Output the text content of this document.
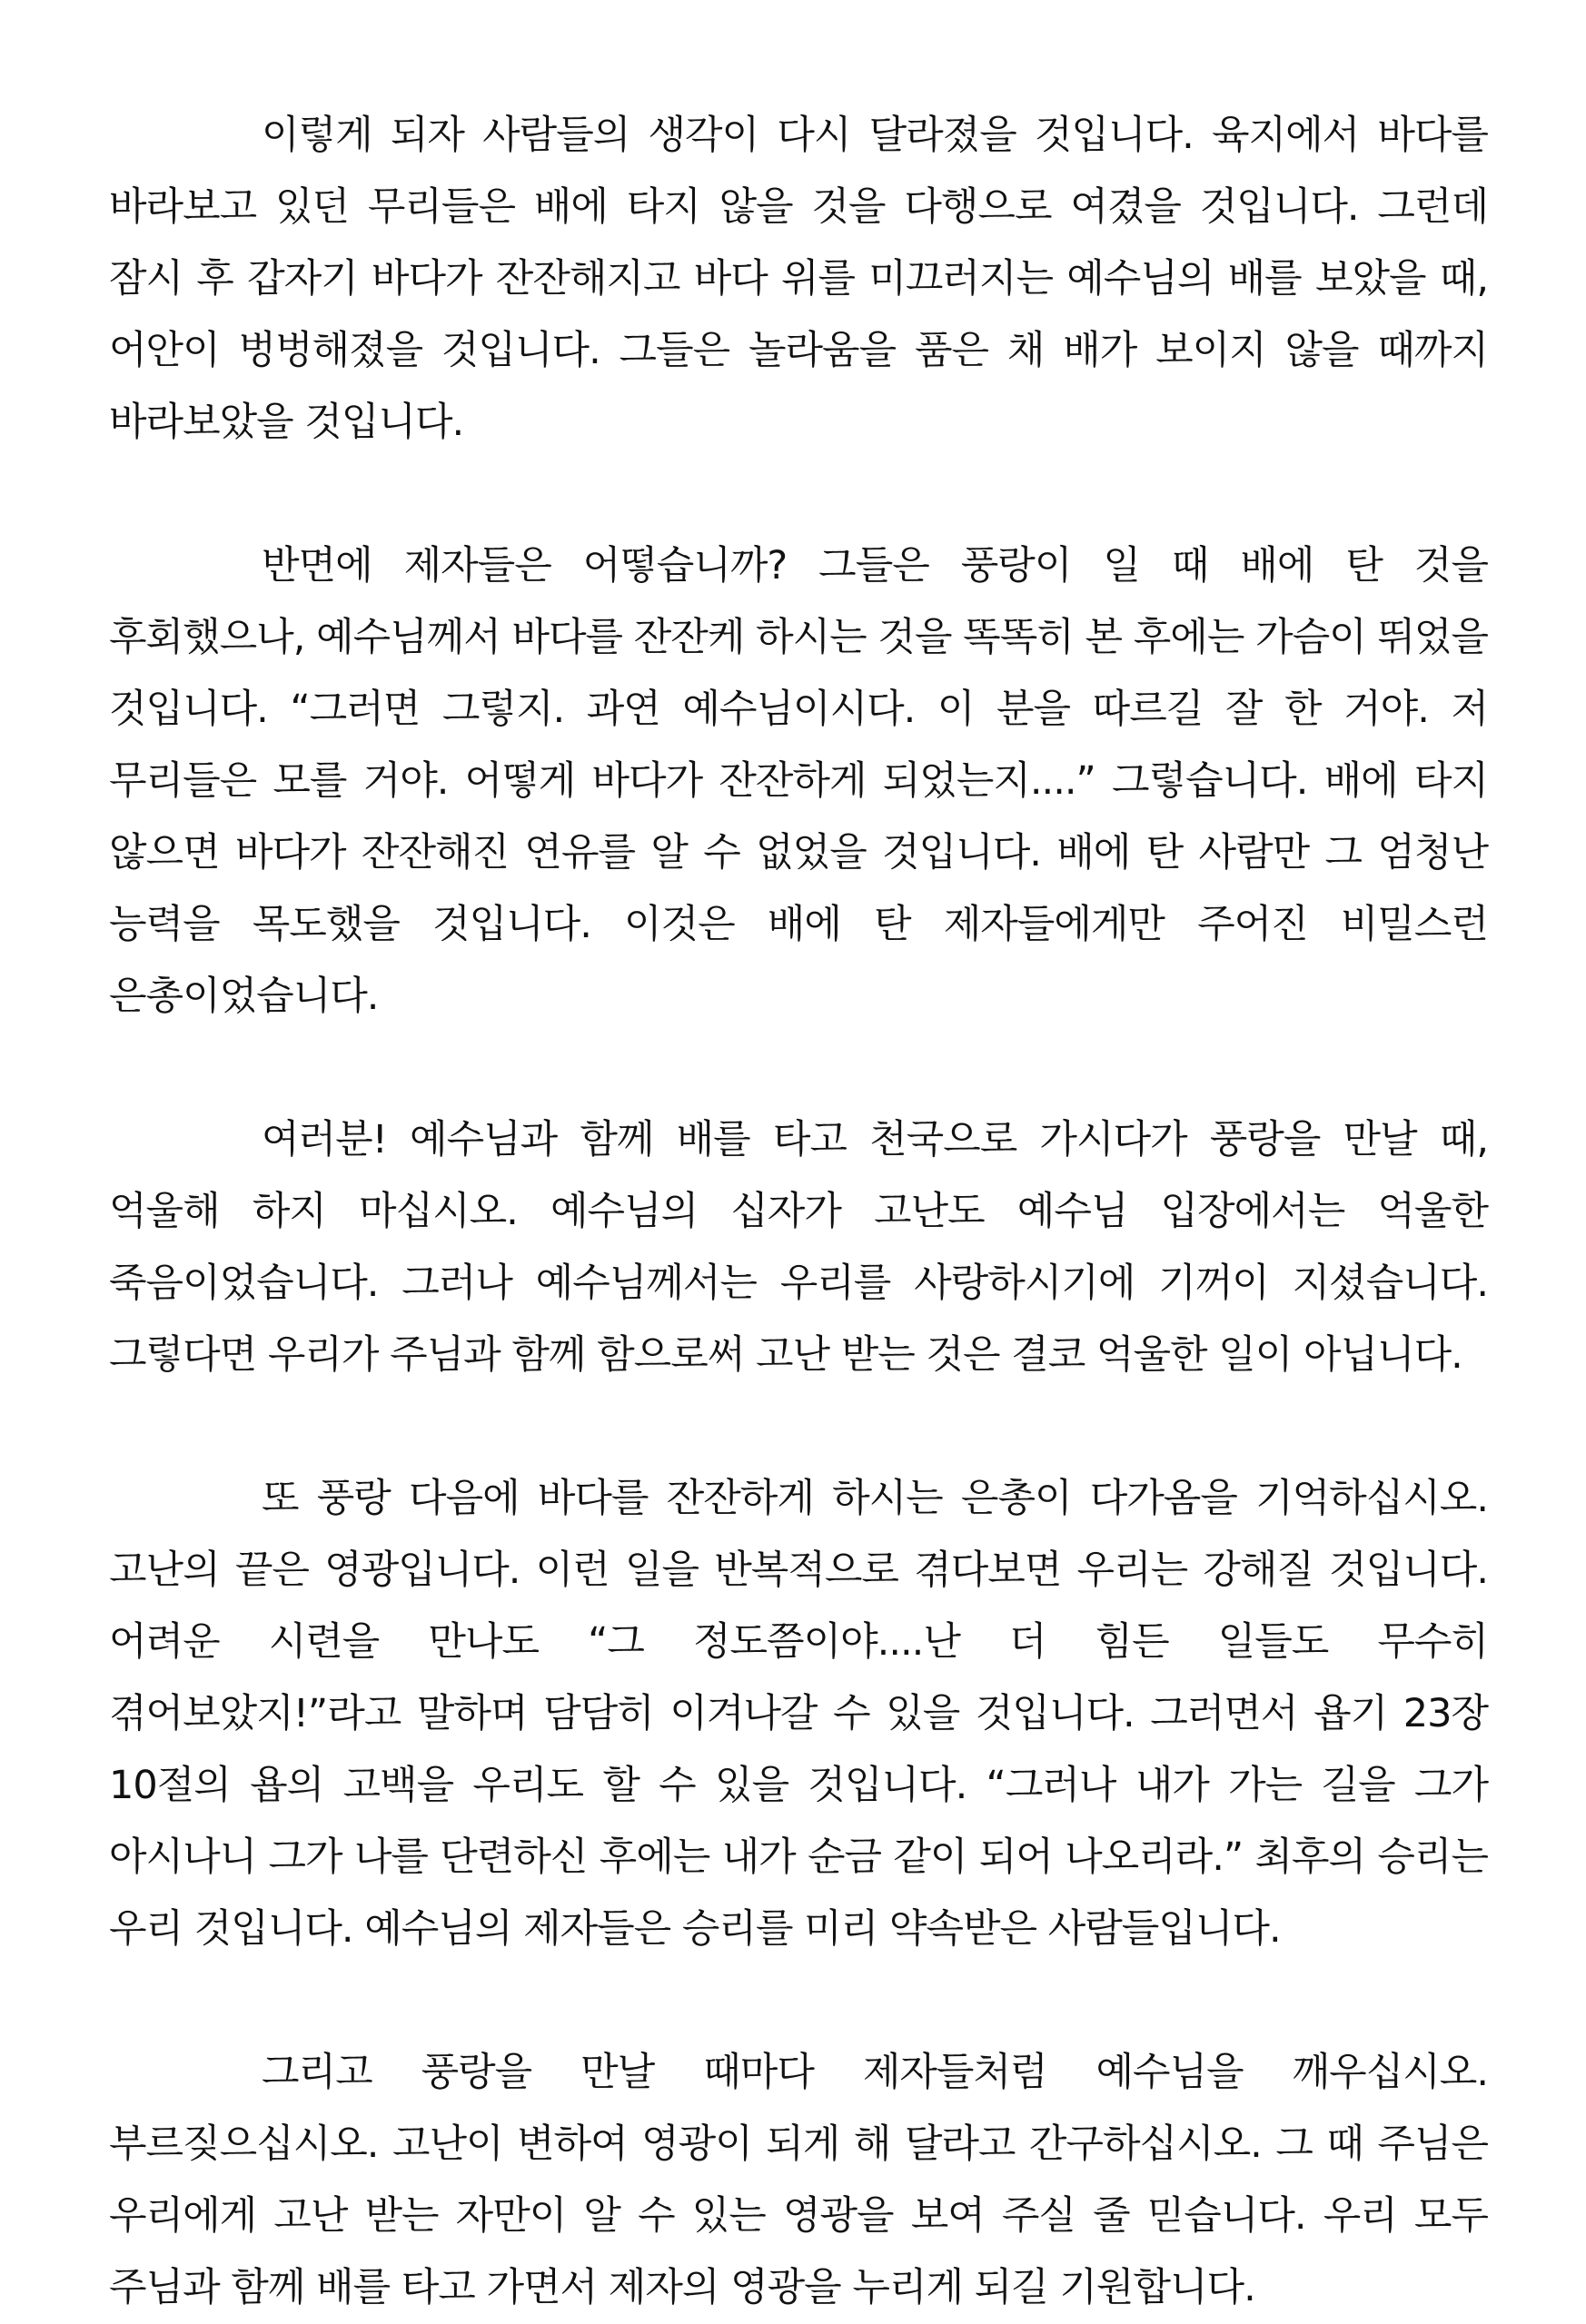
이렇게 되자 사람들의 생각이 다시 달라졌을 것입니다. 육지에서 바다를 바라보고 있던 무리들은 배에 타지 않을 것을 다행으로 여겼을 것입니다. 그런데 잠시 후 갑자기 바다가 잔잔해지고 바다 위를 미끄러지는 예수님의 배를 보았을 때, 어안이 벙벙해졌을 것입니다. 그들은 놀라움을 품은 채 배가 보이지 않을 때까지 바라보았을 것입니다.

반면에 제자들은 어떻습니까? 그들은 풍랑이 일 때 배에 탄 것을 후회했으나, 예수님께서 바다를 잔잔케 하시는 것을 똑똑히 본 후에는 가슴이 뛰었을 것입니다. “그러면 그렇지. 과연 예수님이시다. 이 분을 따르길 잘 한 거야. 저 무리들은 모를 거야. 어떻게 바다가 잔잔하게 되었는지....” 그렇습니다. 배에 타지 않으면 바다가 잔잔해진 연유를 알 수 없었을 것입니다. 배에 탄 사람만 그 엄청난 능력을 목도했을 것입니다. 이것은 배에 탄 제자들에게만 주어진 비밀스런 은총이었습니다.

여러분! 예수님과 함께 배를 타고 천국으로 가시다가 풍랑을 만날 때, 억울해 하지 마십시오. 예수님의 십자가 고난도 예수님 입장에서는 억울한 죽음이었습니다. 그러나 예수님께서는 우리를 사랑하시기에 기꺼이 지셨습니다. 그렇다면 우리가 주님과 함께 함으로써 고난 받는 것은 결코 억울한 일이 아닙니다.

또 풍랑 다음에 바다를 잔잔하게 하시는 은총이 다가옴을 기억하십시오. 고난의 끝은 영광입니다. 이런 일을 반복적으로 겪다보면 우리는 강해질 것입니다. 어려운 시련을 만나도 “그 정도쯤이야....난 더 힘든 일들도 무수히 겪어보았지!”라고 말하며 담담히 이겨나갈 수 있을 것입니다. 그러면서 욥기 23장 10절의 욥의 고백을 우리도 할 수 있을 것입니다. “그러나 내가 가는 길을 그가 아시나니 그가 나를 단련하신 후에는 내가 순금 같이 되어 나오리라.” 최후의 승리는 우리 것입니다. 예수님의 제자들은 승리를 미리 약속받은 사람들입니다.

그리고 풍랑을 만날 때마다 제자들처럼 예수님을 깨우십시오. 부르짖으십시오. 고난이 변하여 영광이 되게 해 달라고 간구하십시오. 그 때 주님은 우리에게 고난 받는 자만이 알 수 있는 영광을 보여 주실 줄 믿습니다. 우리 모두 주님과 함께 배를 타고 가면서 제자의 영광을 누리게 되길 기원합니다.
